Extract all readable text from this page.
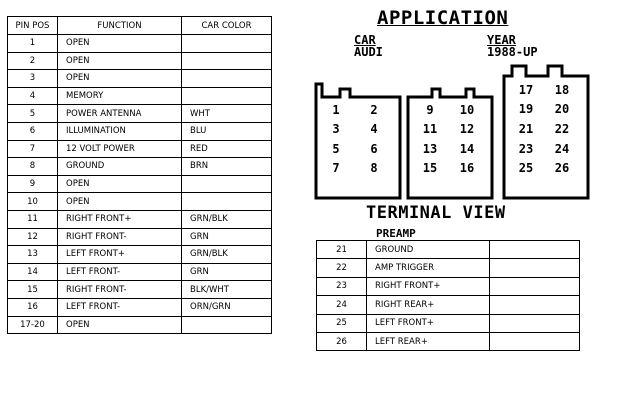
PIN POS	FUNCTION	CAR COLOR
1	OPEN	
2	OPEN	
3	OPEN	
4	MEMORY	
5	POWER ANTENNA	WHT
6	ILLUMINATION	BLU
7	12 VOLT POWER	RED
8	GROUND	BRN
9	OPEN	
10	OPEN	
11	RIGHT FRONT+	GRN/BLK
12	RIGHT FRONT-	GRN
13	LEFT FRONT+	GRN/BLK
14	LEFT FRONT-	GRN
15	RIGHT FRONT-	BLK/WHT
16	LEFT FRONT-	ORN/GRN
17-20	OPEN	
APPLICATION
CAR
AUDI
YEAR
1988-UP
1	2
3	4
5	6
7	8
9	10
11	12
13	14
15	16
17	18
19	20
21	22
23	24
25	26
TERMINAL VIEW
PREAMP
21	GROUND	
22	AMP TRIGGER	
23	RIGHT FRONT+	
24	RIGHT REAR+	
25	LEFT FRONT+	
26	LEFT REAR+	
